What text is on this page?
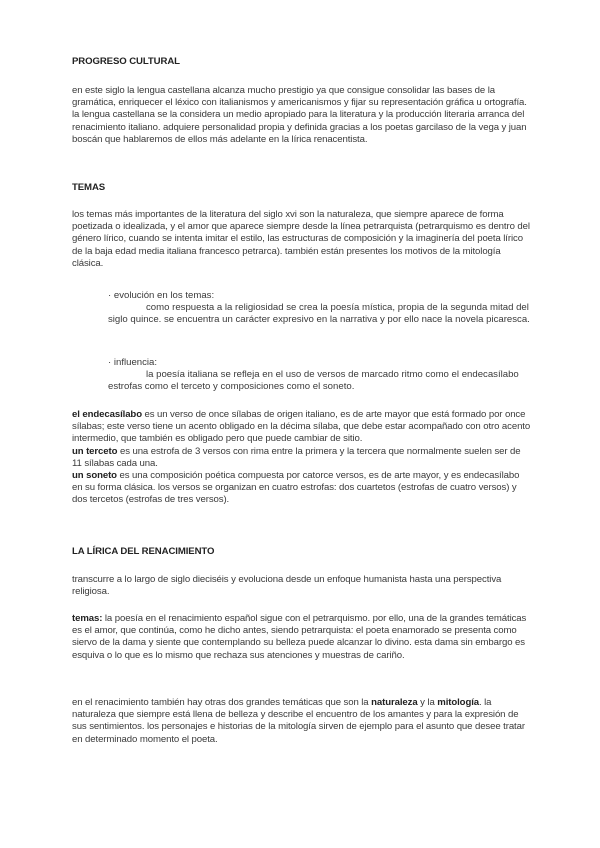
PROGRESO CULTURAL

en este siglo la lengua castellana alcanza mucho prestigio ya que consigue consolidar las bases de la gramática, enriquecer el léxico con italianismos y americanismos y fijar su representación gráfica u ortografía. la lengua castellana se la considera un medio apropiado para la literatura y la producción literaria arranca del renacimiento italiano. adquiere personalidad propia y definida gracias a los poetas garcilaso de la vega y juan boscán que hablaremos de ellos más adelante en la lírica renacentista.

TEMAS

los temas más importantes de la literatura del siglo xvi son la naturaleza, que siempre aparece de forma poetizada o idealizada, y el amor que aparece siempre desde la línea petrarquista (petrarquismo es dentro del género lírico, cuando se intenta imitar el estilo, las estructuras de composición y la imaginería del poeta lírico de la baja edad media italiana francesco petrarca). también están presentes los motivos de la mitología clásica.

· evolución en los temas:

como respuesta a la religiosidad se crea la poesía mística, propia de la segunda mitad del siglo quince. se encuentra un carácter expresivo en la narrativa y por ello nace la novela picaresca.

· influencia:

la poesía italiana se refleja en el uso de versos de marcado ritmo como el endecasílabo estrofas como el terceto y composiciones como el soneto.

el endecasílabo es un verso de once sílabas de origen italiano, es de arte mayor que está formado por once sílabas; este verso tiene un acento obligado en la décima sílaba, que debe estar acompañado con otro acento intermedio, que también es obligado pero que puede cambiar de sitio.

un terceto es una estrofa de 3 versos con rima entre la primera y la tercera que normalmente suelen ser de 11 sílabas cada una.

un soneto es una composición poética compuesta por catorce versos, es de arte mayor, y es endecasílabo en su forma clásica. los versos se organizan en cuatro estrofas: dos cuartetos (estrofas de cuatro versos) y dos tercetos (estrofas de tres versos).

LA LÍRICA DEL RENACIMIENTO

transcurre a lo largo de siglo dieciséis y evoluciona desde un enfoque humanista hasta una perspectiva religiosa.

temas: la poesía en el renacimiento español sigue con el petrarquismo. por ello, una de la grandes temáticas es el amor, que continúa, como he dicho antes, siendo petrarquista: el poeta enamorado se presenta como siervo de la dama y siente que contemplando su belleza puede alcanzar lo divino. esta dama sin embargo es esquiva o lo que es lo mismo que rechaza sus atenciones y muestras de cariño.

en el renacimiento también hay otras dos grandes temáticas que son la naturaleza y la mitología. la naturaleza que siempre está llena de belleza y describe el encuentro de los amantes y para la expresión de sus sentimientos. los personajes e historias de la mitología sirven de ejemplo para el asunto que desee tratar en determinado momento el poeta.
